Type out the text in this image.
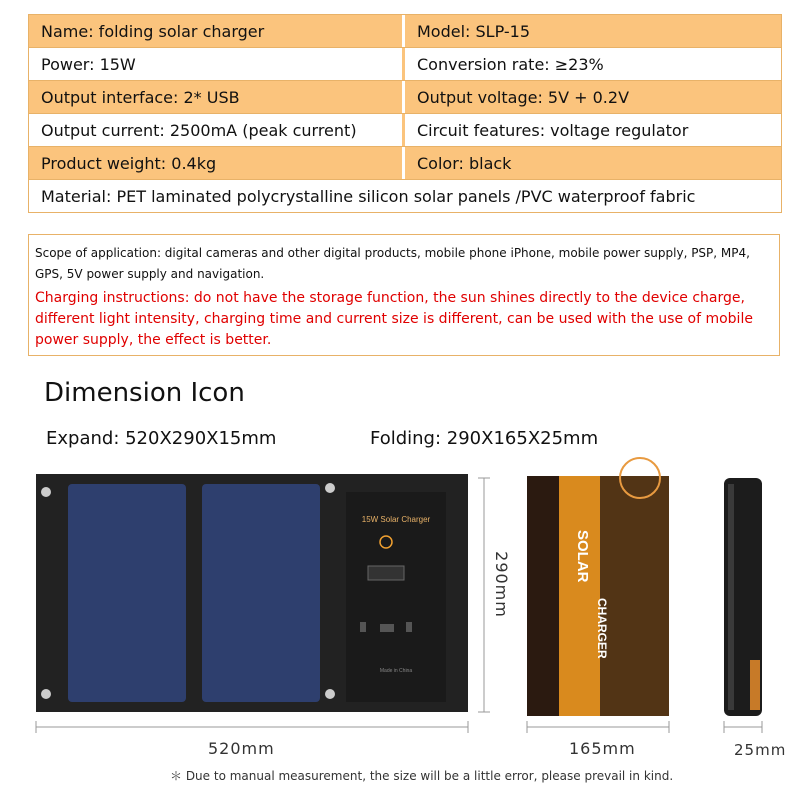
Name: folding solar charger	Model: SLP-15
Power: 15W	Conversion rate: ≥23%
Output interface: 2* USB	Output voltage: 5V + 0.2V
Output current: 2500mA (peak current)	Circuit features: voltage regulator
Product weight: 0.4kg	Color: black
Material: PET laminated polycrystalline silicon solar panels /PVC waterproof fabric
Scope of application: digital cameras and other digital products, mobile phone iPhone, mobile power supply, PSP, MP4, GPS, 5V power supply and navigation.
Charging instructions: do not have the storage function, the sun shines directly to the device charge, different light intensity, charging time and current size is different, can be used with the use of mobile power supply, the effect is better.
Dimension Icon
Expand: 520X290X15mm	Folding: 290X165X25mm
15W Solar Charger
Made in China
SOLAR
15
CHARGER
520mm
290mm
165mm	25mm
＊ Due to manual measurement, the size will be a little error, please prevail in kind.
